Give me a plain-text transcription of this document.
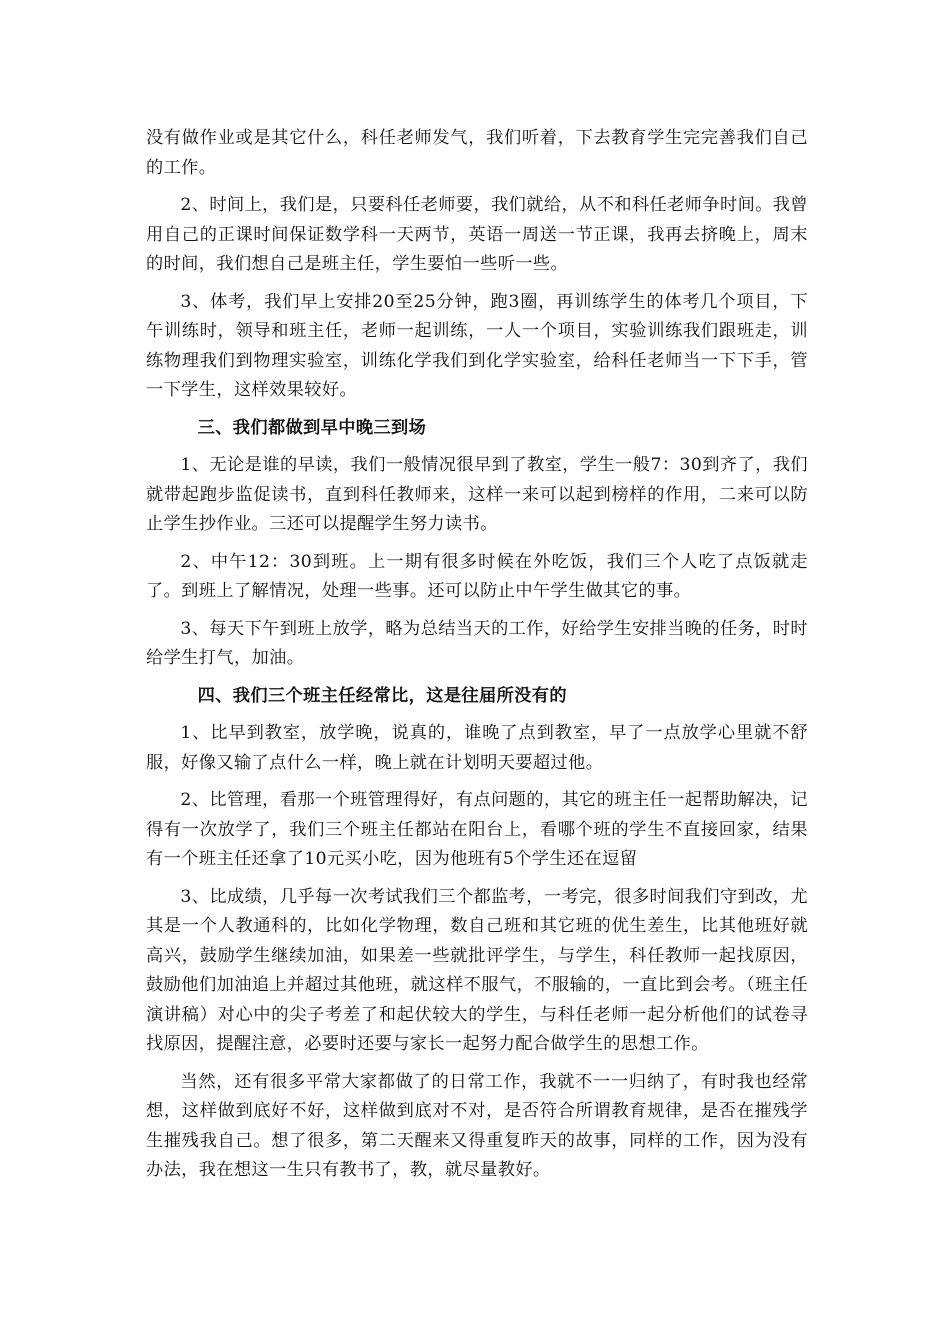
没有做作业或是其它什么，科任老师发气，我们听着，下去教育学生完完善我们自己的工作。

2、时间上，我们是，只要科任老师要，我们就给，从不和科任老师争时间。我曾用自己的正课时间保证数学科一天两节，英语一周送一节正课，我再去挤晚上，周末的时间，我们想自己是班主任，学生要怕一些听一些。

3、体考，我们早上安排20至25分钟，跑3圈，再训练学生的体考几个项目，下午训练时，领导和班主任，老师一起训练，一人一个项目，实验训练我们跟班走，训练物理我们到物理实验室，训练化学我们到化学实验室，给科任老师当一下下手，管一下学生，这样效果较好。

三、我们都做到早中晚三到场

1、无论是谁的早读，我们一般情况很早到了教室，学生一般7：30到齐了，我们就带起跑步监促读书，直到科任教师来，这样一来可以起到榜样的作用，二来可以防止学生抄作业。三还可以提醒学生努力读书。

2、中午12：30到班。上一期有很多时候在外吃饭，我们三个人吃了点饭就走了。到班上了解情况，处理一些事。还可以防止中午学生做其它的事。

3、每天下午到班上放学，略为总结当天的工作，好给学生安排当晚的任务，时时给学生打气，加油。

四、我们三个班主任经常比，这是往届所没有的

1、比早到教室，放学晚，说真的，谁晚了点到教室，早了一点放学心里就不舒服，好像又输了点什么一样，晚上就在计划明天要超过他。

2、比管理，看那一个班管理得好，有点问题的，其它的班主任一起帮助解决，记得有一次放学了，我们三个班主任都站在阳台上，看哪个班的学生不直接回家，结果有一个班主任还拿了10元买小吃，因为他班有5个学生还在逗留

3、比成绩，几乎每一次考试我们三个都监考，一考完，很多时间我们守到改，尤其是一个人教通科的，比如化学物理，数自己班和其它班的优生差生，比其他班好就高兴，鼓励学生继续加油，如果差一些就批评学生，与学生，科任教师一起找原因，鼓励他们加油追上并超过其他班，就这样不服气，不服输的，一直比到会考。（班主任演讲稿）对心中的尖子考差了和起伏较大的学生，与科任老师一起分析他们的试卷寻找原因，提醒注意，必要时还要与家长一起努力配合做学生的思想工作。

当然，还有很多平常大家都做了的日常工作，我就不一一归纳了，有时我也经常想，这样做到底好不好，这样做到底对不对，是否符合所谓教育规律，是否在摧残学生摧残我自己。想了很多，第二天醒来又得重复昨天的故事，同样的工作，因为没有办法，我在想这一生只有教书了，教，就尽量教好。
